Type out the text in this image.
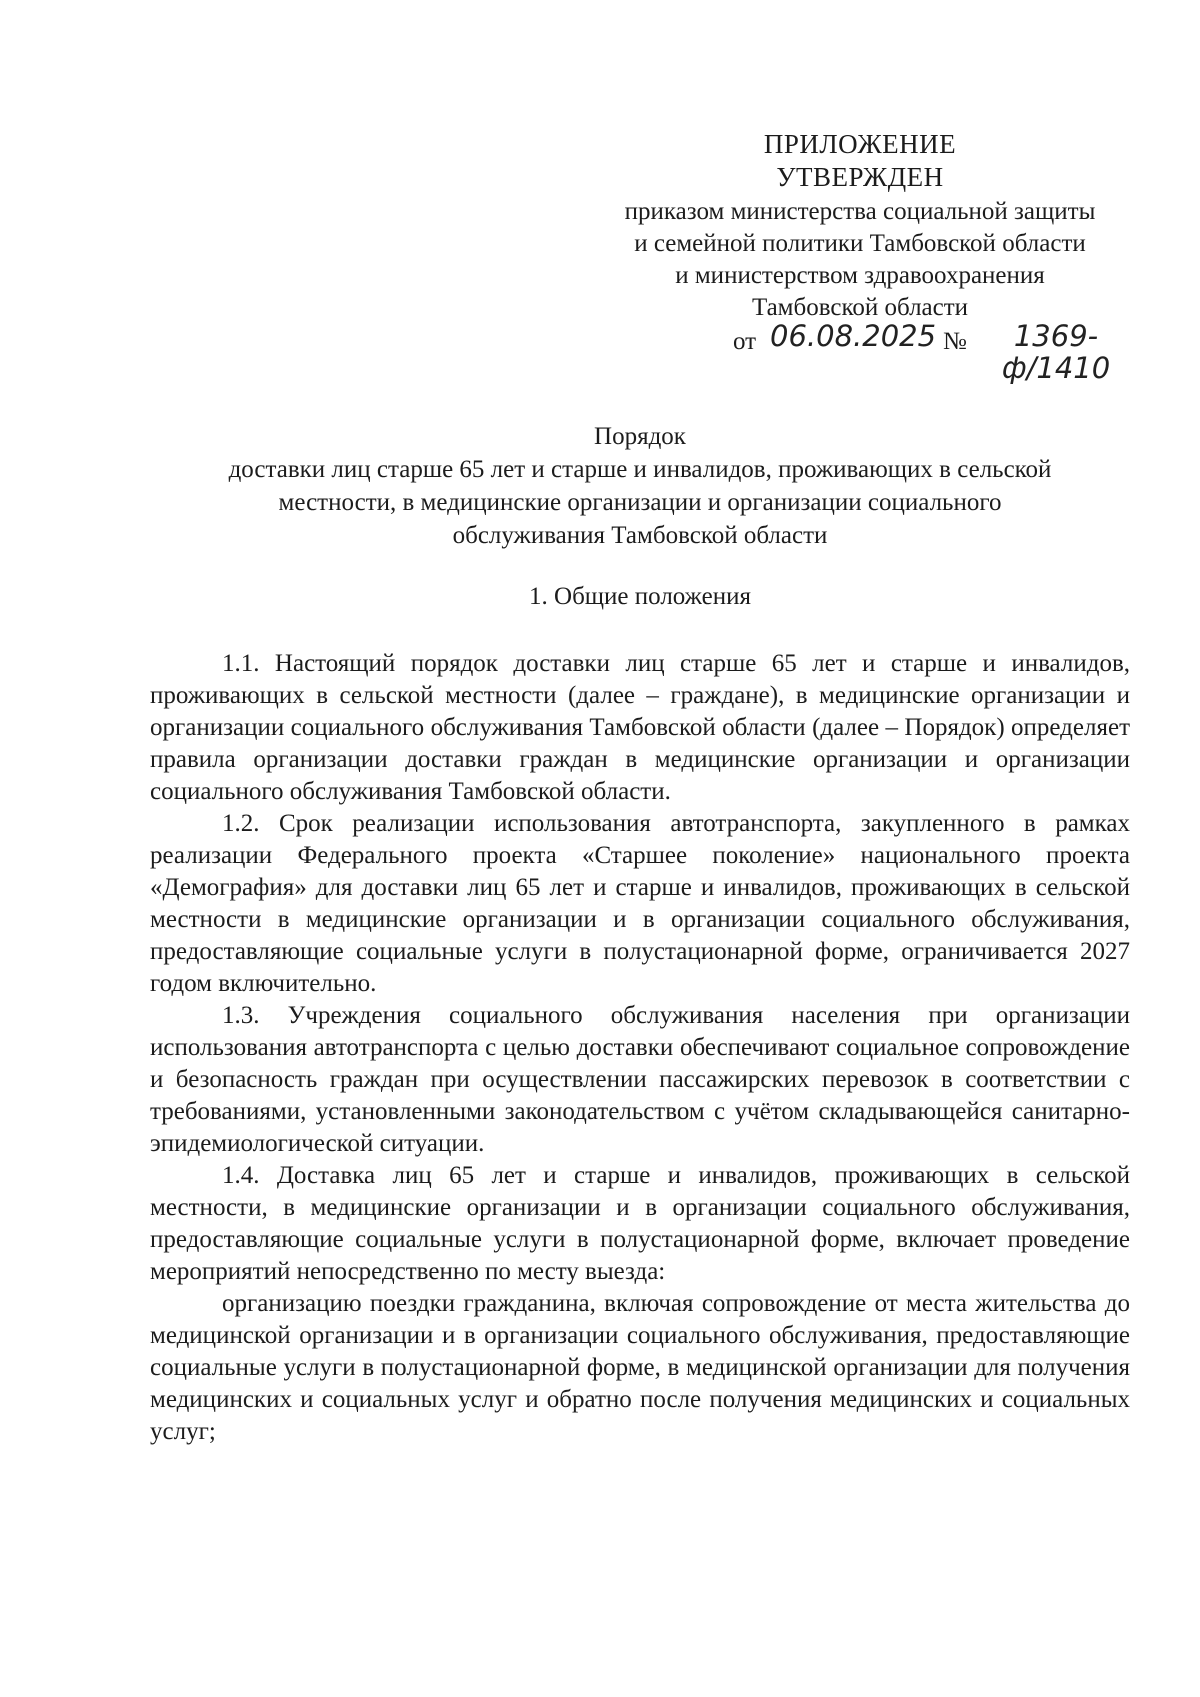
ПРИЛОЖЕНИЕ
УТВЕРЖДЕН
приказом министерства социальной защиты
и семейной политики Тамбовской области
и министерством здравоохранения
Тамбовской области
от 06.08.2025 №	1369-ф/1410
Порядок
доставки лиц старше 65 лет и старше и инвалидов, проживающих в сельской
местности, в медицинские организации и организации социального
обслуживания Тамбовской области
1. Общие положения

1.1. Настоящий порядок доставки лиц старше 65 лет и старше и инвалидов, проживающих в сельской местности (далее – граждане), в медицинские организации и организации социального обслуживания Тамбовской области (далее – Порядок) определяет правила организации доставки граждан в медицинские организации и организации социального обслуживания Тамбовской области.

1.2. Срок реализации использования автотранспорта, закупленного в рамках реализации Федерального проекта «Старшее поколение» национального проекта «Демография» для доставки лиц 65 лет и старше и инвалидов, проживающих в сельской местности в медицинские организации и в организации социального обслуживания, предоставляющие социальные услуги в полустационарной форме, ограничивается 2027 годом включительно.

1.3. Учреждения социального обслуживания населения при организации использования автотранспорта с целью доставки обеспечивают социальное сопровождение и безопасность граждан при осуществлении пассажирских перевозок в соответствии с требованиями, установленными законодательством с учётом складывающейся санитарно-эпидемиологической ситуации.

1.4. Доставка лиц 65 лет и старше и инвалидов, проживающих в сельской местности, в медицинские организации и в организации социального обслуживания, предоставляющие социальные услуги в полустационарной форме, включает проведение мероприятий непосредственно по месту выезда:

организацию поездки гражданина, включая сопровождение от места жительства до медицинской организации и в организации социального обслуживания, предоставляющие социальные услуги в полустационарной форме, в медицинской организации для получения медицинских и социальных услуг и обратно после получения медицинских и социальных услуг;
